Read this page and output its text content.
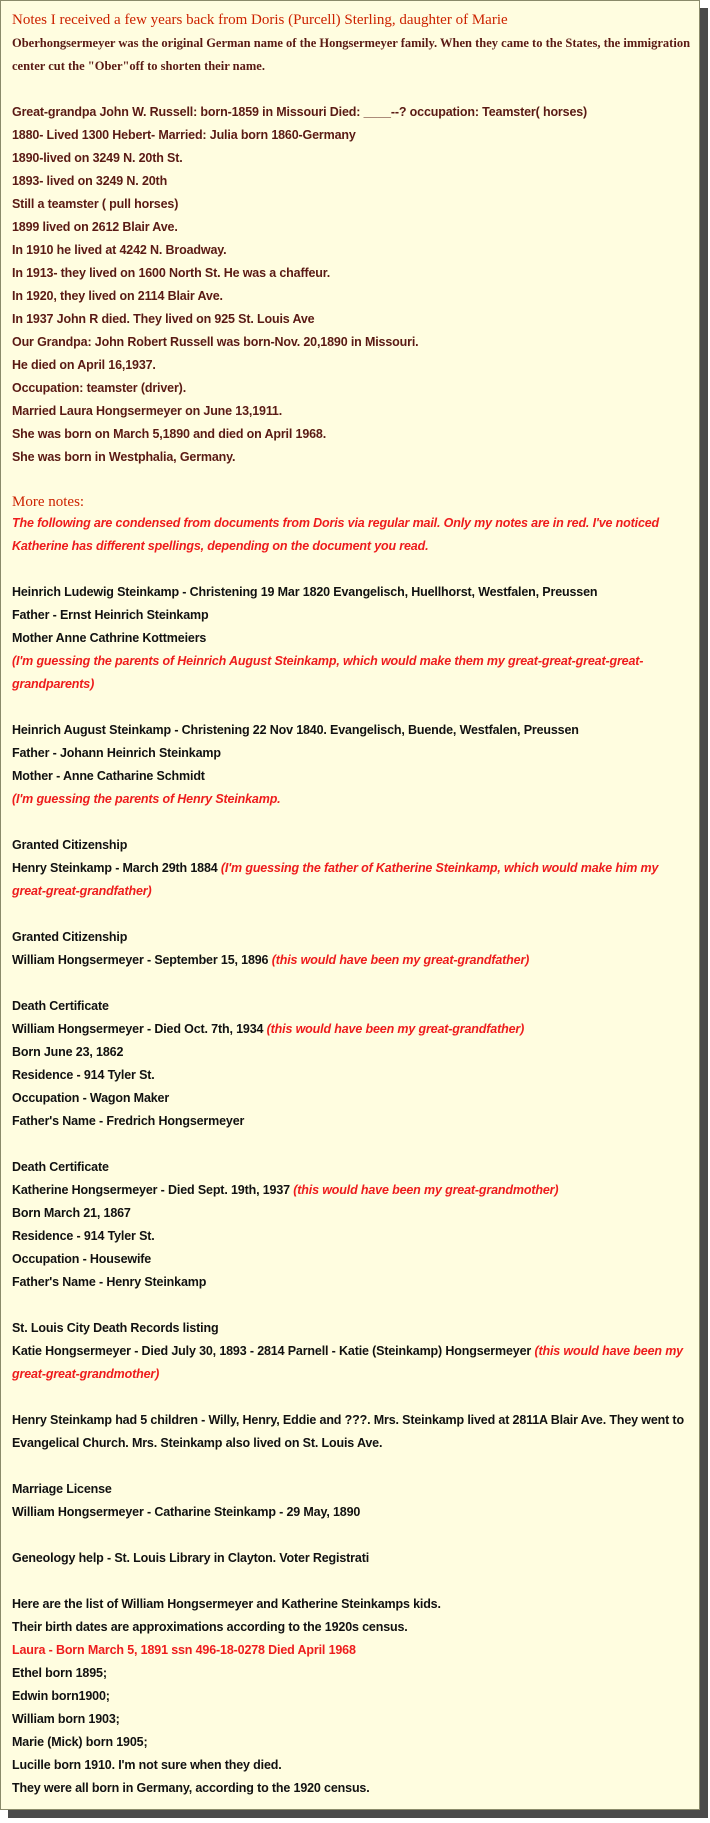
Notes I received a few years back from Doris (Purcell) Sterling, daughter of Marie
Oberhongsermeyer was the original German name of the Hongsermeyer family. When they came to the States, the immigration center cut the "Ober"off to shorten their name.
Great-grandpa John W. Russell: born-1859 in Missouri Died: ____--? occupation: Teamster( horses)
1880- Lived 1300 Hebert- Married: Julia born 1860-Germany
1890-lived on 3249 N. 20th St.
1893- lived on 3249 N. 20th
Still a teamster ( pull horses)
1899 lived on 2612 Blair Ave.
In 1910 he lived at 4242 N. Broadway.
In 1913- they lived on 1600 North St. He was a chaffeur.
In 1920, they lived on 2114 Blair Ave.
In 1937 John R died. They lived on 925 St. Louis Ave
Our Grandpa: John Robert Russell was born-Nov. 20,1890 in Missouri.
He died on April 16,1937.
Occupation: teamster (driver).
Married Laura Hongsermeyer on June 13,1911.
She was born on March 5,1890 and died on April 1968.
She was born in Westphalia, Germany.
More notes:
The following are condensed from documents from Doris via regular mail. Only my notes are in red. I've noticed Katherine has different spellings, depending on the document you read.
Heinrich Ludewig Steinkamp - Christening 19 Mar 1820 Evangelisch, Huellhorst, Westfalen, Preussen
Father - Ernst Heinrich Steinkamp
Mother Anne Cathrine Kottmeiers
(I'm guessing the parents of Heinrich August Steinkamp, which would make them my great-great-great-great-grandparents)
Heinrich August Steinkamp - Christening 22 Nov 1840. Evangelisch, Buende, Westfalen, Preussen
Father - Johann Heinrich Steinkamp
Mother - Anne Catharine Schmidt
(I'm guessing the parents of Henry Steinkamp.
Granted Citizenship
Henry Steinkamp - March 29th 1884 (I'm guessing the father of Katherine Steinkamp, which would make him my great-great-grandfather)
Granted Citizenship
William Hongsermeyer - September 15, 1896 (this would have been my great-grandfather)
Death Certificate
William Hongsermeyer - Died Oct. 7th, 1934 (this would have been my great-grandfather)
Born June 23, 1862
Residence - 914 Tyler St.
Occupation - Wagon Maker
Father's Name - Fredrich Hongsermeyer
Death Certificate
Katherine Hongsermeyer - Died Sept. 19th, 1937 (this would have been my great-grandmother)
Born March 21, 1867
Residence - 914 Tyler St.
Occupation - Housewife
Father's Name - Henry Steinkamp
St. Louis City Death Records listing
Katie Hongsermeyer - Died July 30, 1893 - 2814 Parnell - Katie (Steinkamp) Hongsermeyer (this would have been my great-great-grandmother)
Henry Steinkamp had 5 children - Willy, Henry, Eddie and ???. Mrs. Steinkamp lived at 2811A Blair Ave. They went to Evangelical Church. Mrs. Steinkamp also lived on St. Louis Ave.
Marriage License
William Hongsermeyer - Catharine Steinkamp - 29 May, 1890
Geneology help - St. Louis Library in Clayton. Voter Registrati
Here are the list of William Hongsermeyer and Katherine Steinkamps kids.
Their birth dates are approximations according to the 1920s census.
Laura - Born March 5, 1891 ssn 496-18-0278 Died April 1968
Ethel born 1895;
Edwin born1900;
William born 1903;
Marie (Mick) born 1905;
Lucille born 1910. I'm not sure when they died.
They were all born in Germany, according to the 1920 census.
